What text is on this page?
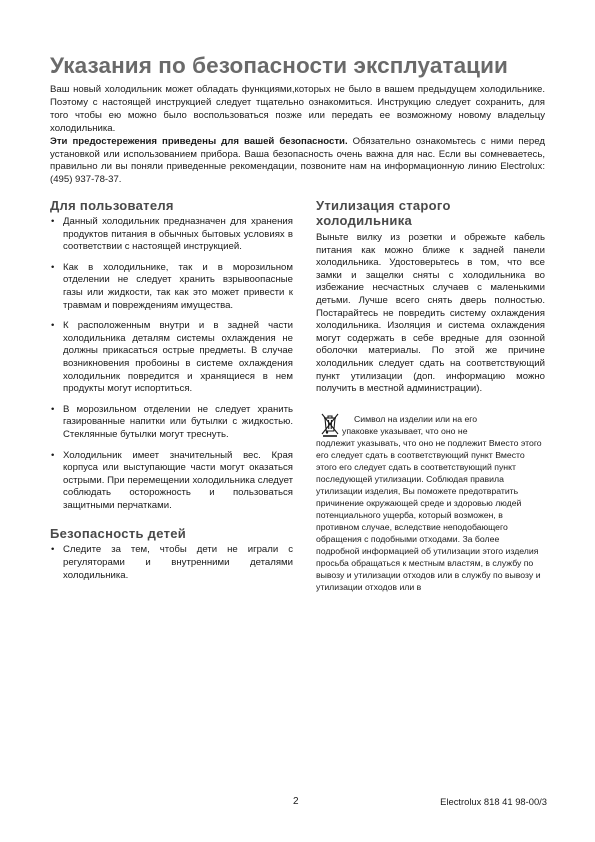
Указания по безопасности эксплуатации

Ваш новый холодильник может обладать функциями,которых не было в вашем предыдущем холодильнике. Поэтому с настоящей инструкцией следует тщательно ознакомиться. Инструкцию следует сохранить, для того чтобы ею можно было воспользоваться позже или передать ее возможному новому владельцу холодильника.

Эти предостережения приведены для вашей безопасности. Обязательно ознакомьтесь с ними перед установкой или использованием прибора. Ваша безопасность очень важна для нас. Если вы сомневаетесь, правильно ли вы поняли приведенные рекомендации, позвоните нам на информационную линию Electrolux: (495) 937-78-37.

Для пользователя
• Данный холодильник предназначен для хранения продуктов питания в обычных бытовых условиях в соответствии с настоящей инструкцией.
• Как в холодильнике, так и в морозильном отделении не следует хранить взрывоопасные газы или жидкости, так как это может привести к травмам и повреждениям имущества.
• К расположенным внутри и в задней части холодильника деталям системы охлаждения не должны прикасаться острые предметы. В случае возникновения пробоины в системе охлаждения холодильник повредится и хранящиеся в нем продукты могут испортиться.
• В морозильном отделении не следует хранить газированные напитки или бутылки с жидкостью. Стеклянные бутылки могут треснуть.
• Холодильник имеет значительный вес. Края корпуса или выступающие части могут оказаться острыми. При перемещении холодильника следует соблюдать осторожность и пользоваться защитными перчатками.
Безопасность детей
• Следите за тем, чтобы дети не играли с регуляторами и внутренними деталями холодильника.
Утилизация старого
холодильника
Выньте вилку из розетки и обрежьте кабель питания как можно ближе к задней панели холодильника. Удостоверьтесь в том, что все замки и защелки сняты с холодильника во избежание несчастных случаев с маленькими детьми. Лучше всего снять дверь полностью. Постарайтесь не повредить систему охлаждения холодильника. Изоляция и система охлаждения могут содержать в себе вредные для озонной оболочки материалы. По этой же причине холодильник следует сдать на соответствующий пункт утилизации (доп. информацию можно получить в местной администрации).
Символ на изделии или на его
упаковке указывает, что оно не
подлежит указывать, что оно не подлежит Вместо этого его следует сдать в соответствующий пункт Вместо этого его следует сдать в соответствующий пункт последующей утилизации. Соблюдая правила утилизации изделия, Вы поможете предотвратить причинение окружающей среде и здоровью людей потенциального ущерба, который возможен, в противном случае, вследствие неподобающего обращения с подобными отходами. За более подробной информацией об утилизации этого изделия просьба обращаться к местным властям, в службу по вывозу и утилизации отходов или в службу по вывозу и утилизации отходов или в
2	Electrolux 818 41 98-00/3
